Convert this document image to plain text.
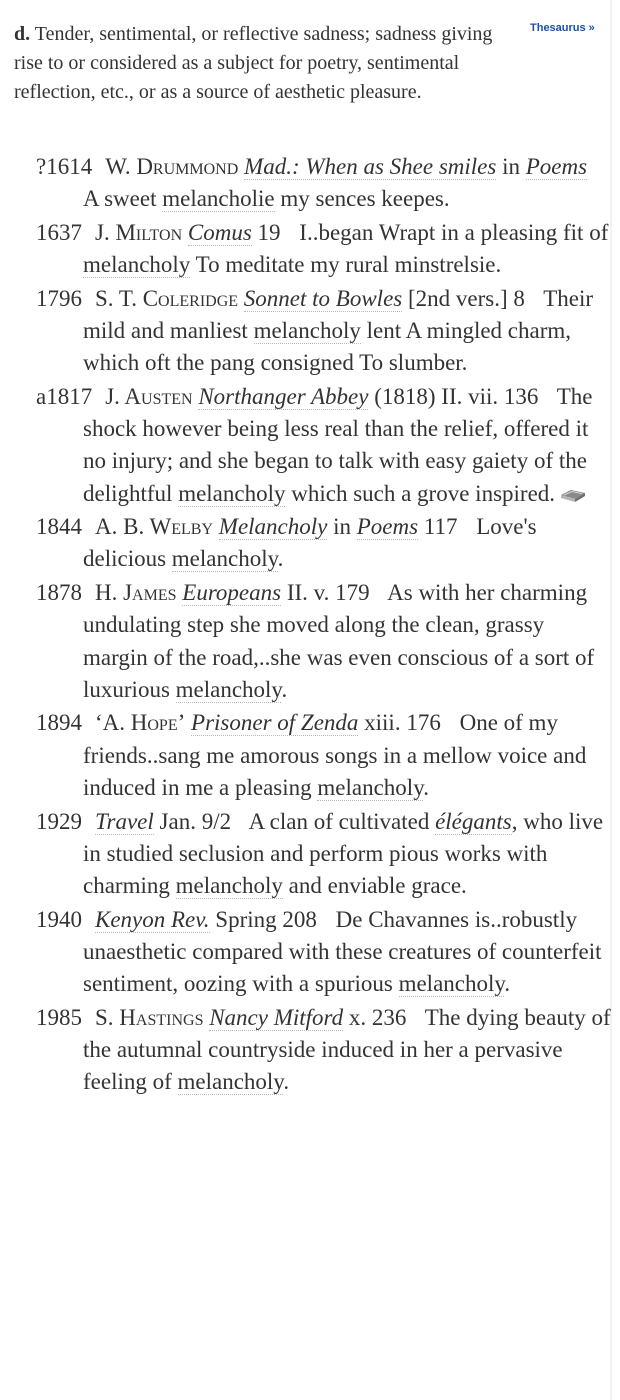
Thesaurus »
d. Tender, sentimental, or reflective sadness; sadness giving rise to or considered as a subject for poetry, sentimental reflection, etc., or as a source of aesthetic pleasure.
?1614 W. Drummond Mad.: When as Shee smiles in Poems A sweet melancholie my sences keepes.
1637 J. Milton Comus 19 I..began Wrapt in a pleasing fit of melancholy To meditate my rural minstrelsie.
1796 S. T. Coleridge Sonnet to Bowles [2nd vers.] 8 Their mild and manliest melancholy lent A mingled charm, which oft the pang consigned To slumber.
a1817 J. Austen Northanger Abbey (1818) II. vii. 136 The shock however being less real than the relief, offered it no injury; and she began to talk with easy gaiety of the delightful melancholy which such a grove inspired.
1844 A. B. Welby Melancholy in Poems 117 Love's delicious melancholy.
1878 H. James Europeans II. v. 179 As with her charming undulating step she moved along the clean, grassy margin of the road,..she was even conscious of a sort of luxurious melancholy.
1894 ‘A. Hope’ Prisoner of Zenda xiii. 176 One of my friends..sang me amorous songs in a mellow voice and induced in me a pleasing melancholy.
1929 Travel Jan. 9/2 A clan of cultivated élégants, who live in studied seclusion and perform pious works with charming melancholy and enviable grace.
1940 Kenyon Rev. Spring 208 De Chavannes is..robustly unaesthetic compared with these creatures of counterfeit sentiment, oozing with a spurious melancholy.
1985 S. Hastings Nancy Mitford x. 236 The dying beauty of the autumnal countryside induced in her a pervasive feeling of melancholy.
